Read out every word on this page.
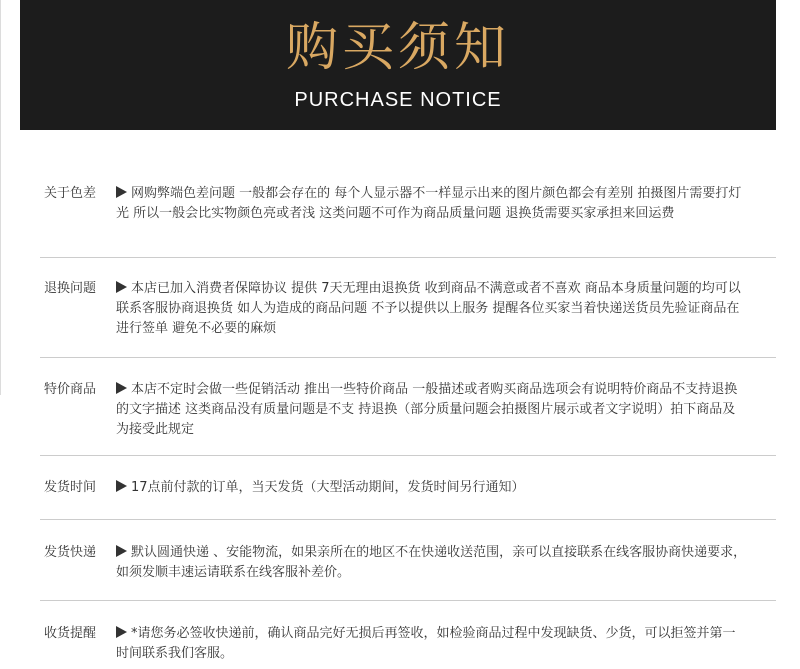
购买须知
PURCHASE NOTICE
关于色差	网购弊端色差问题 一般都会存在的 每个人显示器不一样显示出来的图片颜色都会有差别 拍摄图片需要打灯光 所以一般会比实物颜色亮或者浅 这类问题不可作为商品质量问题 退换货需要买家承担来回运费
退换问题	本店已加入消费者保障协议 提供 7天无理由退换货 收到商品不满意或者不喜欢 商品本身质量问题的均可以联系客服协商退换货 如人为造成的商品问题 不予以提供以上服务 提醒各位买家当着快递送货员先验证商品在进行签单 避免不必要的麻烦
特价商品	本店不定时会做一些促销活动 推出一些特价商品 一般描述或者购买商品选项会有说明特价商品不支持退换的文字描述 这类商品没有质量问题是不支 持退换（部分质量问题会拍摄图片展示或者文字说明）拍下商品及为接受此规定
发货时间	17点前付款的订单，当天发货（大型活动期间，发货时间另行通知）
发货快递	默认圆通快递 、安能物流，如果亲所在的地区不在快递收送范围，亲可以直接联系在线客服协商快递要求，如须发顺丰速运请联系在线客服补差价。
收货提醒	*请您务必签收快递前，确认商品完好无损后再签收，如检验商品过程中发现缺货、少货，可以拒签并第一时间联系我们客服。
